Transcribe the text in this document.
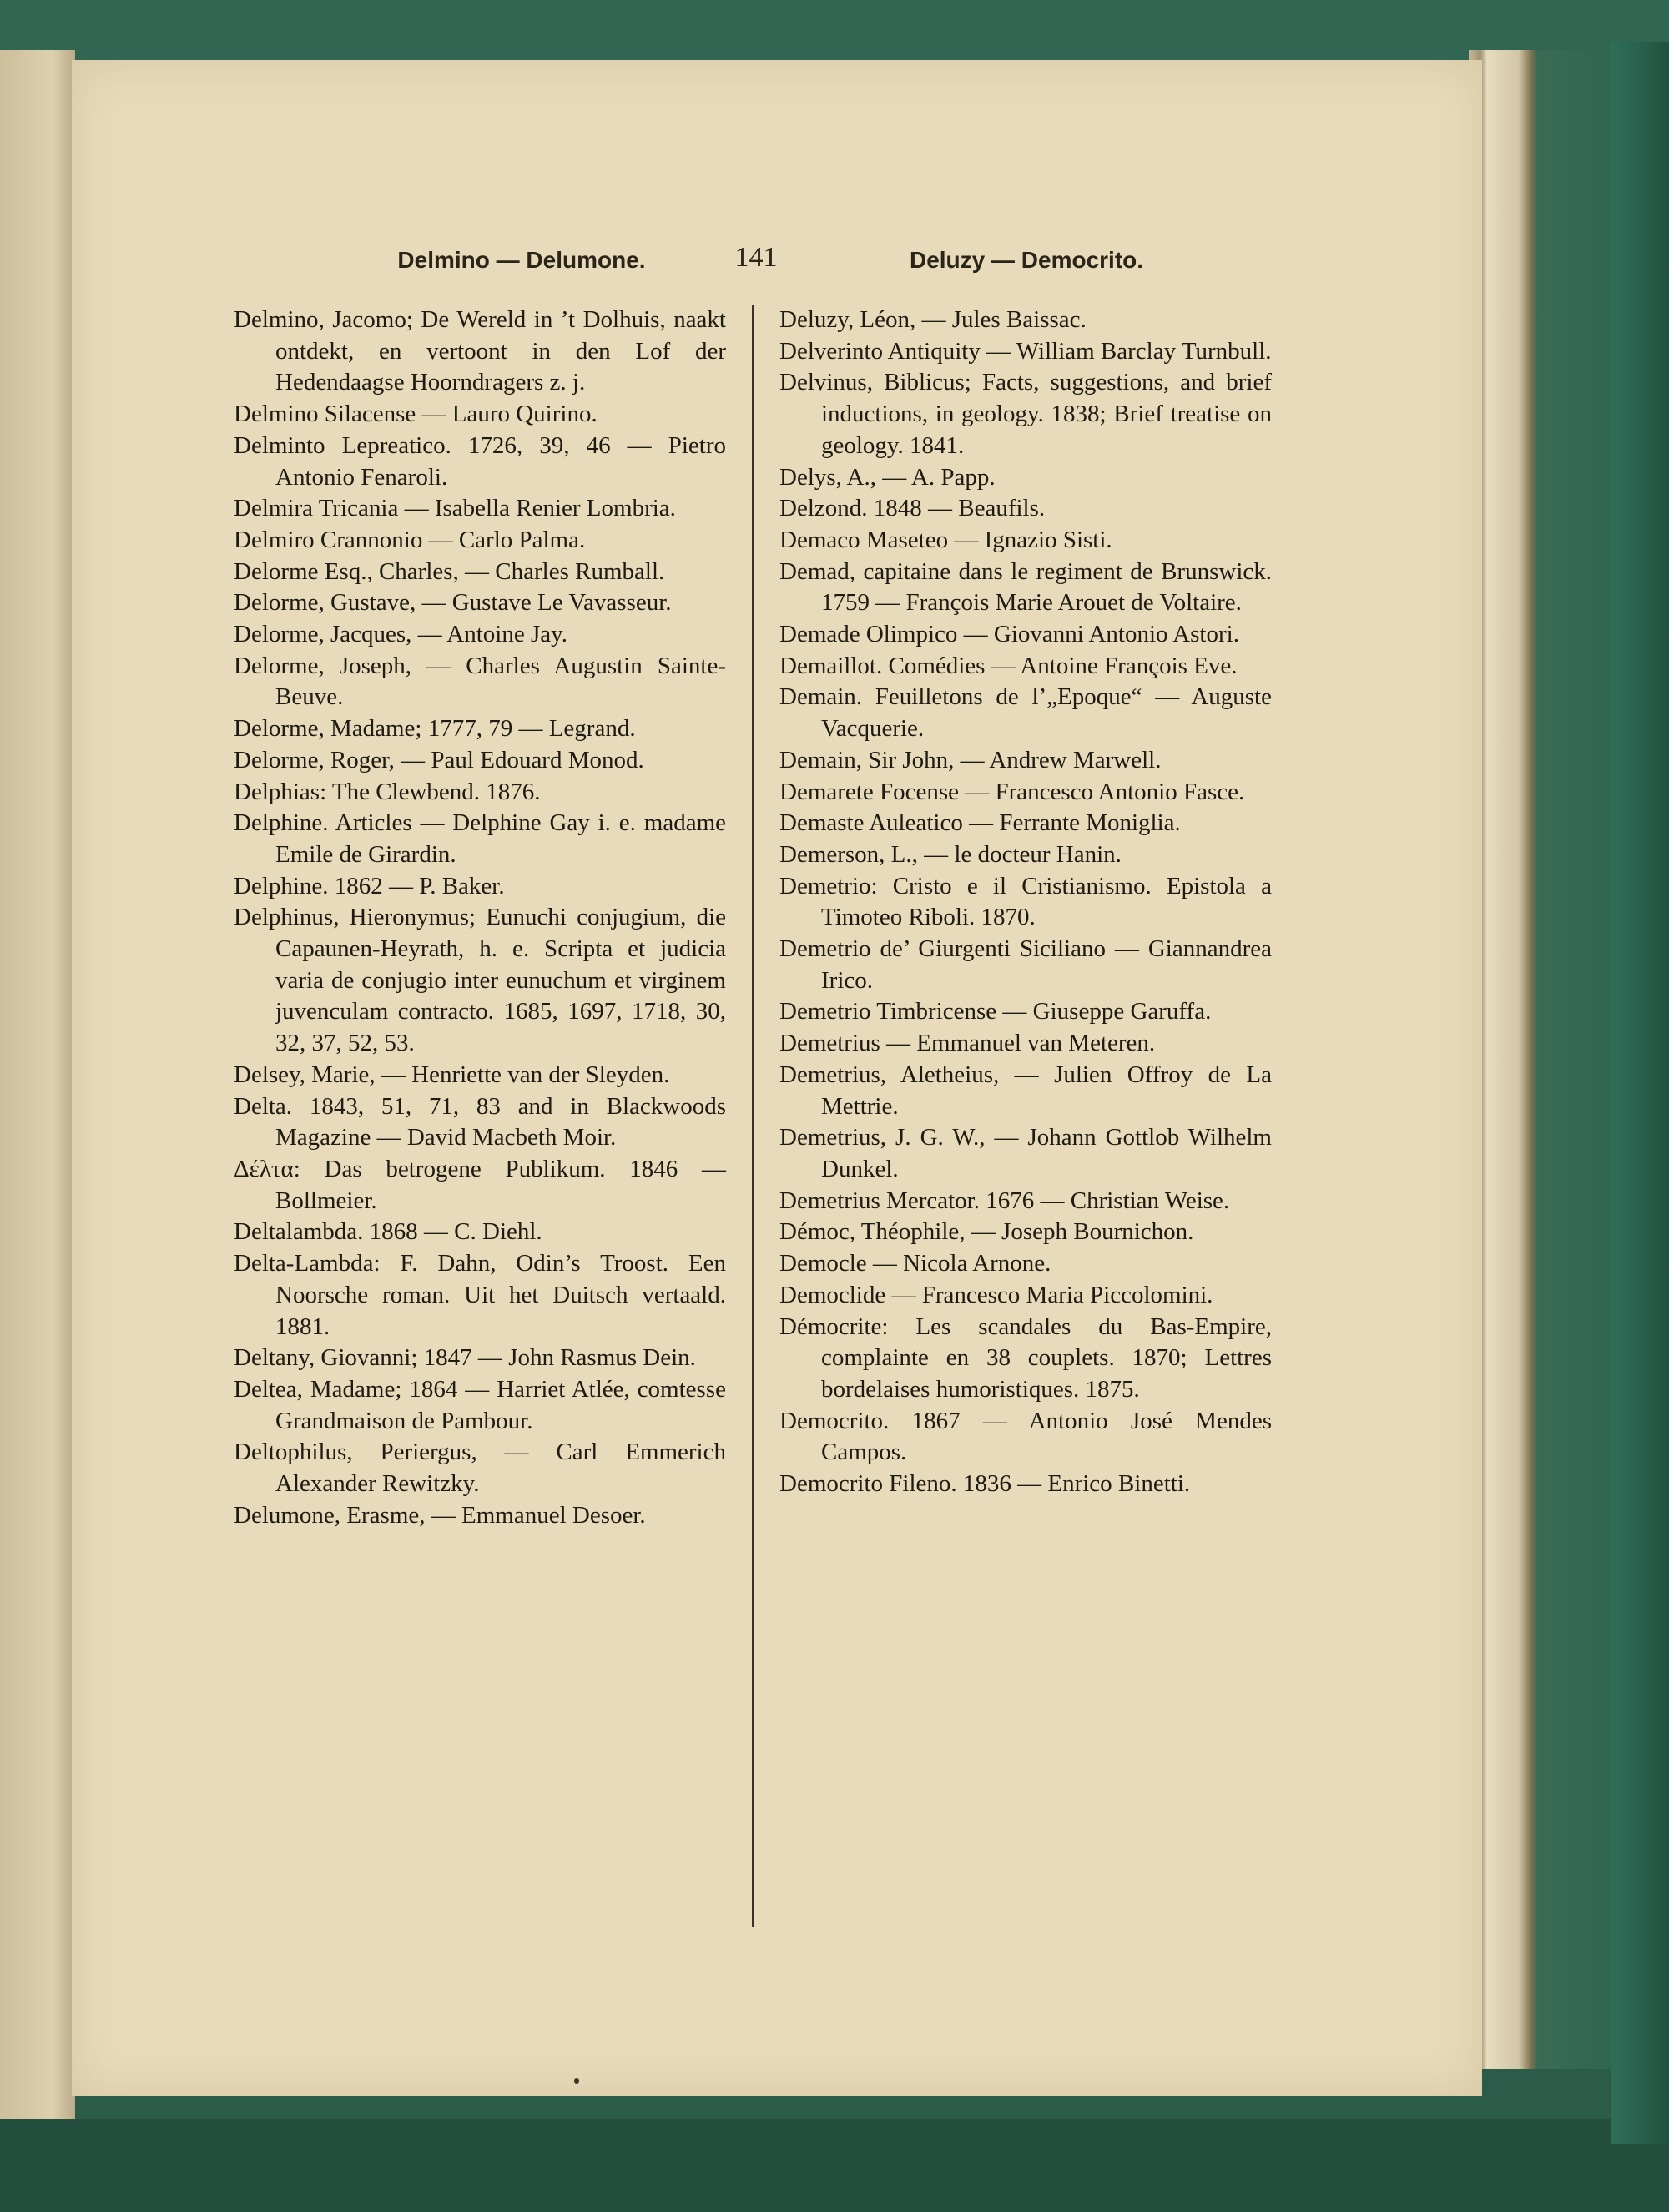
Delmino — Delumone.	141	Deluzy — Democrito.
Delmino, Jacomo; De Wereld in ’t Dolhuis, naakt ontdekt, en vertoont in den Lof der Hedendaagse Hoorndragers z. j.
Delmino Silacense — Lauro Quirino.
Delminto Lepreatico. 1726, 39, 46 — Pietro Antonio Fenaroli.
Delmira Tricania — Isabella Renier Lombria.
Delmiro Crannonio — Carlo Palma.
Delorme Esq., Charles, — Charles Rumball.
Delorme, Gustave, — Gustave Le Vavasseur.
Delorme, Jacques, — Antoine Jay.
Delorme, Joseph, — Charles Augustin Sainte-Beuve.
Delorme, Madame; 1777, 79 — Legrand.
Delorme, Roger, — Paul Edouard Monod.
Delphias: The Clewbend. 1876.
Delphine. Articles — Delphine Gay i. e. madame Emile de Girardin.
Delphine. 1862 — P. Baker.
Delphinus, Hieronymus; Eunuchi conjugium, die Capaunen-Heyrath, h. e. Scripta et judicia varia de conjugio inter eunuchum et virginem juvenculam contracto. 1685, 1697, 1718, 30, 32, 37, 52, 53.
Delsey, Marie, — Henriette van der Sleyden.
Delta. 1843, 51, 71, 83 and in Blackwoods Magazine — David Macbeth Moir.
Δέλτα: Das betrogene Publikum. 1846 — Bollmeier.
Deltalambda. 1868 — C. Diehl.
Delta-Lambda: F. Dahn, Odin’s Troost. Een Noorsche roman. Uit het Duitsch vertaald. 1881.
Deltany, Giovanni; 1847 — John Rasmus Dein.
Deltea, Madame; 1864 — Harriet Atlée, comtesse Grandmaison de Pambour.
Deltophilus, Periergus, — Carl Emmerich Alexander Rewitzky.
Delumone, Erasme, — Emmanuel Desoer.
Deluzy, Léon, — Jules Baissac.
Delverinto Antiquity — William Barclay Turnbull.
Delvinus, Biblicus; Facts, suggestions, and brief inductions, in geology. 1838; Brief treatise on geology. 1841.
Delys, A., — A. Papp.
Delzond. 1848 — Beaufils.
Demaco Maseteo — Ignazio Sisti.
Demad, capitaine dans le regiment de Brunswick. 1759 — François Marie Arouet de Voltaire.
Demade Olimpico — Giovanni Antonio Astori.
Demaillot. Comédies — Antoine François Eve.
Demain. Feuilletons de l’„Epoque“ — Auguste Vacquerie.
Demain, Sir John, — Andrew Marwell.
Demarete Focense — Francesco Antonio Fasce.
Demaste Auleatico — Ferrante Moniglia.
Demerson, L., — le docteur Hanin.
Demetrio: Cristo e il Cristianismo. Epistola a Timoteo Riboli. 1870.
Demetrio de’ Giurgenti Siciliano — Giannandrea Irico.
Demetrio Timbricense — Giuseppe Garuffa.
Demetrius — Emmanuel van Meteren.
Demetrius, Aletheius, — Julien Offroy de La Mettrie.
Demetrius, J. G. W., — Johann Gottlob Wilhelm Dunkel.
Demetrius Mercator. 1676 — Christian Weise.
Démoc, Théophile, — Joseph Bournichon.
Democle — Nicola Arnone.
Democlide — Francesco Maria Piccolomini.
Démocrite: Les scandales du Bas-Empire, complainte en 38 couplets. 1870; Lettres bordelaises humoristiques. 1875.
Democrito. 1867 — Antonio José Mendes Campos.
Democrito Fileno. 1836 — Enrico Binetti.
